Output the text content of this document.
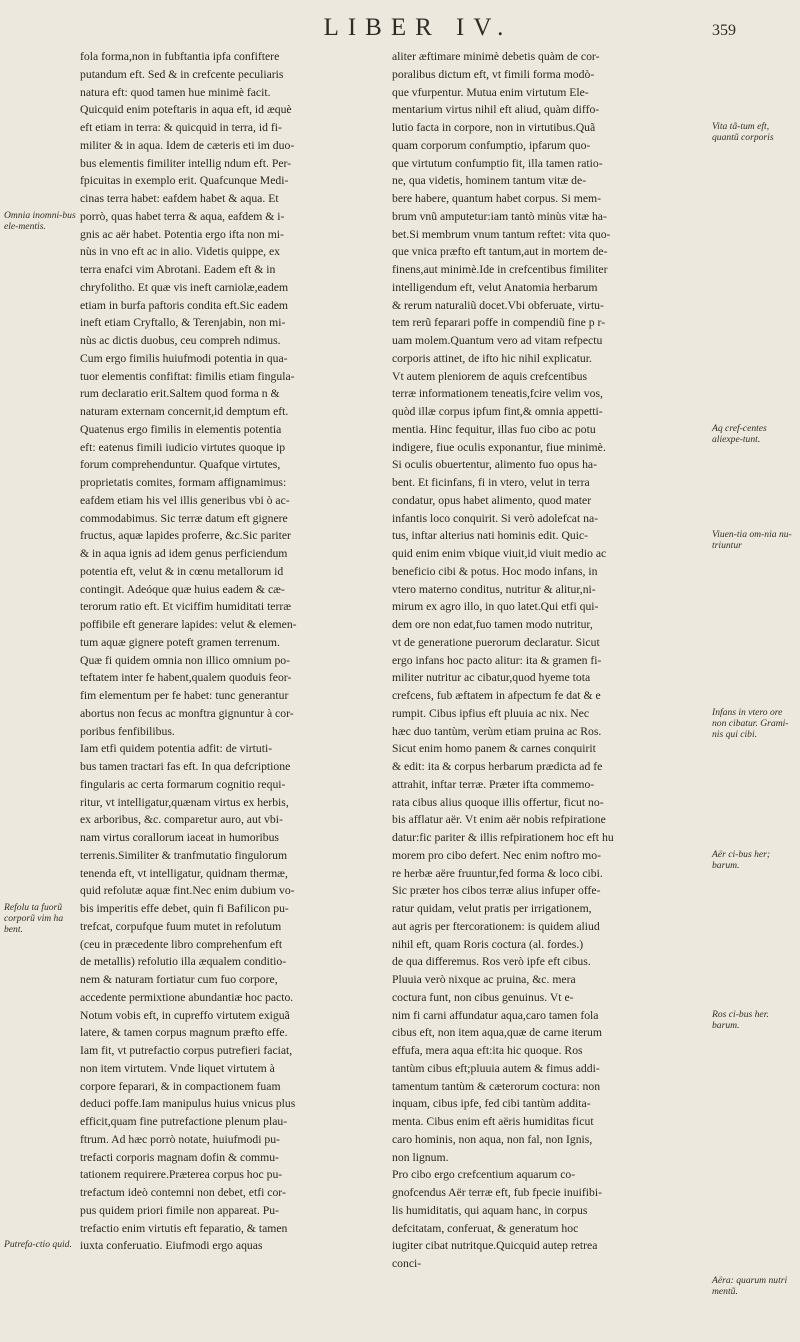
LIBER IV.	359
fola forma,non in fubftantia ipfa confiftere
putandum eft. Sed & in crefcente peculiaris
natura eft: quod tamen hue minimè facit.
Quicquid enim poteftaris in aqua eft, id æquè
eft etiam in terra: & quicquid in terra, id fi-
militer & in aqua. Idem de cæteris eti im duo-
bus elementis fimiliter intellig ndum eft. Per-
fpicuitas in exemplo erit. Quafcunque Medi-
cinas terra habet: eafdem habet & aqua. Et
porrò, quas habet terra & aqua, eafdem & i-
gnis ac aër habet. Potentia ergo ifta non mi-
nùs in vno eft ac in alio. Videtis quippe, ex
terra enafci vim Abrotani. Eadem eft & in
chryfolitho. Et quæ vis ineft carniolæ,eadem
etiam in burfa paftoris condita eft.Sic eadem
ineft etiam Cryftallo, & Terenjabin, non mi-
nùs ac dictis duobus, ceu compreh ndimus.
Cum ergo fimilis huiufmodi potentia in qua-
tuor elementis confiftat: fimilis etiam fingula-
rum declaratio erit.Saltem quod forma n &
naturam externam concernit,id demptum eft.
Quatenus ergo fimilis in elementis potentia
eft: eatenus fimili iudicio virtutes quoque ip
forum comprehenduntur. Quafque virtutes,
proprietatis comites, formam affignamimus:
eafdem etiam his vel illis generibus vbi ò ac-
commodabimus. Sic terræ datum eft gignere
fructus, aquæ lapides proferre, &c.Sic pariter
& in aqua ignis ad idem genus perficiendum
potentia eft, velut & in cœnu metallorum id
contingit. Adeóque quæ huius eadem & cæ-
terorum ratio eft. Et viciffim humiditati terræ
poffibile eft generare lapides: velut & elemen-
tum aquæ gignere poteft gramen terrenum.
Quæ fi quidem omnia non illico omnium po-
teftatem inter fe habent,qualem quoduis feor-
fim elementum per fe habet: tunc generantur
abortus non fecus ac monftra gignuntur à cor-
poribus fenfibilibus.
Iam etfi quidem potentia adfit: de virtuti-
bus tamen tractari fas eft. In qua defcriptione
fingularis ac certa formarum cognitio requi-
ritur, vt intelligatur,quænam virtus ex herbis,
ex arboribus, &c. comparetur auro, aut vbi-
nam virtus corallorum iaceat in humoribus
terrenis.Similiter & tranfmutatio fingulorum
tenenda eft, vt intelligatur, quidnam thermæ,
quid refolutæ aquæ fint.Nec enim dubium vo-
bis imperitis effe debet, quin fi Bafilicon pu-
trefcat, corpufque fuum mutet in refolutum
(ceu in præcedente libro comprehenfum eft
de metallis) refolutio illa æqualem conditio-
nem & naturam fortiatur cum fuo corpore,
accedente permixtione abundantiæ hoc pacto.
Notum vobis eft, in cupreffo virtutem exiguã
latere, & tamen corpus magnum præfto effe.
Iam fit, vt putrefactio corpus putrefieri faciat,
non item virtutem. Vnde liquet virtutem à
corpore feparari, & in compactionem fuam
deduci poffe.Iam manipulus huius vnicus plus
efficit,quam fine putrefactione plenum plau-
ftrum. Ad hæc porrò notate, huiufmodi pu-
trefacti corporis magnam dofin & commu-
tationem requirere.Præterea corpus hoc pu-
trefactum ideò contemni non debet, etfi cor-
pus quidem priori fimile non appareat. Pu-
trefactio enim virtutis eft feparatio, & tamen
iuxta conferuatio. Eiufmodi ergo aquas
aliter æftimare minimè debetis quàm de cor-
poralibus dictum eft, vt fimili forma modò-
que vfurpentur. Mutua enim virtutum Ele-
mentarium virtus nihil eft aliud, quàm diffo-
lutio facta in corpore, non in virtutibus.Quã
quam corporum confumptio, ipfarum quo-
que virtutum confumptio fit, illa tamen ratio-
ne, qua videtis, hominem tantum vitæ de-
bere habere, quantum habet corpus. Si mem-
brum vnũ amputetur:iam tantò minùs vitæ ha-
bet.Si membrum vnum tantum reftet: vita quo-
que vnica præfto eft tantum,aut in mortem de-
finens,aut minimè.Ide in crefcentibus fimiliter
intelligendum eft, velut Anatomia herbarum
& rerum naturaliũ docet.Vbi obferuate, virtu-
tem rerũ feparari poffe in compendiũ fine p r-
uam molem.Quantum vero ad vitam refpectu
corporis attinet, de ifto hic nihil explicatur.
Vt autem pleniorem de aquis crefcentibus
terræ informationem teneatis,fcire velim vos,
quòd illæ corpus ipfum fint,& omnia appetti-
mentia. Hinc fequitur, illas fuo cibo ac potu
indigere, fiue oculis exponantur, fiue minimè.
Si oculis obuertentur, alimento fuo opus ha-
bent. Et ficinfans, fi in vtero, velut in terra
condatur, opus habet alimento, quod mater
infantis loco conquirit. Si verò adolefcat na-
tus, inftar alterius nati hominis edit. Quic-
quid enim enim vbique viuit,id viuit medio ac
beneficio cibi & potus. Hoc modo infans, in
vtero materno conditus, nutritur & alitur,ni-
mirum ex agro illo, in quo latet.Qui etfi qui-
dem ore non edat,fuo tamen modo nutritur,
vt de generatione puerorum declaratur. Sicut
ergo infans hoc pacto alitur: ita & gramen fi-
militer nutritur ac cibatur,quod hyeme tota
crefcens, fub æftatem in afpectum fe dat & e
rumpit. Cibus ipfius eft pluuia ac nix. Nec
hæc duo tantùm, verùm etiam pruina ac Ros.
Sicut enim homo panem & carnes conquirit
& edit: ita & corpus herbarum prædicta ad fe
attrahit, inftar terræ. Præter ifta commemo-
rata cibus alius quoque illis offertur, ficut no-
bis afflatur aër. Vt enim aër nobis refpiratione
datur:fic pariter & illis refpirationem hoc eft hu
morem pro cibo defert. Nec enim noftro mo-
re herbæ aëre fruuntur,fed forma & loco cibi.
Sic præter hos cibos terræ alius infuper offe-
ratur quidam, velut pratis per irrigationem,
aut agris per ftercorationem: is quidem aliud
nihil eft, quam Roris coctura (al. fordes.)
de qua differemus. Ros verò ipfe eft cibus.
Pluuia verò nixque ac pruina, &c. mera
coctura funt, non cibus genuinus. Vt e-
nim fi carni affundatur aqua,caro tamen fola
cibus eft, non item aqua,quæ de carne iterum
effufa, mera aqua eft:ita hic quoque. Ros
tantùm cibus eft;pluuia autem & fimus addi-
tamentum tantùm & cæterorum coctura: non
inquam, cibus ipfe, fed cibi tantùm addita-
menta. Cibus enim eft aëris humiditas ficut
caro hominis, non aqua, non fal, non Ignis,
non lignum.
Pro cibo ergo crefcentium aquarum co-
gnofcendus Aër terræ eft, fub fpecie inuifibi-
lis humiditatis, qui aquam hanc, in corpus
defcitatam, conferuat, & generatum hoc
iugiter cibat nutritque.Quicquid autep retrea
conci-
Omnia inomni-bus ele-mentis.
Refolu ta fuorũ corporũ vim ha bent.
Putrefa-ctio quid.
Vita tã-tum eft, quantũ corporis
Aq cref-centes aliexpe-tunt.
Viuen-tia om-nia nu-triuntur
Infans in vtero ore non cibatur. Grami-nis qui cibi.
Aër ci-bus her; barum.
Ros ci-bus her. barum.
Aëra: quarum nutri mentũ.
